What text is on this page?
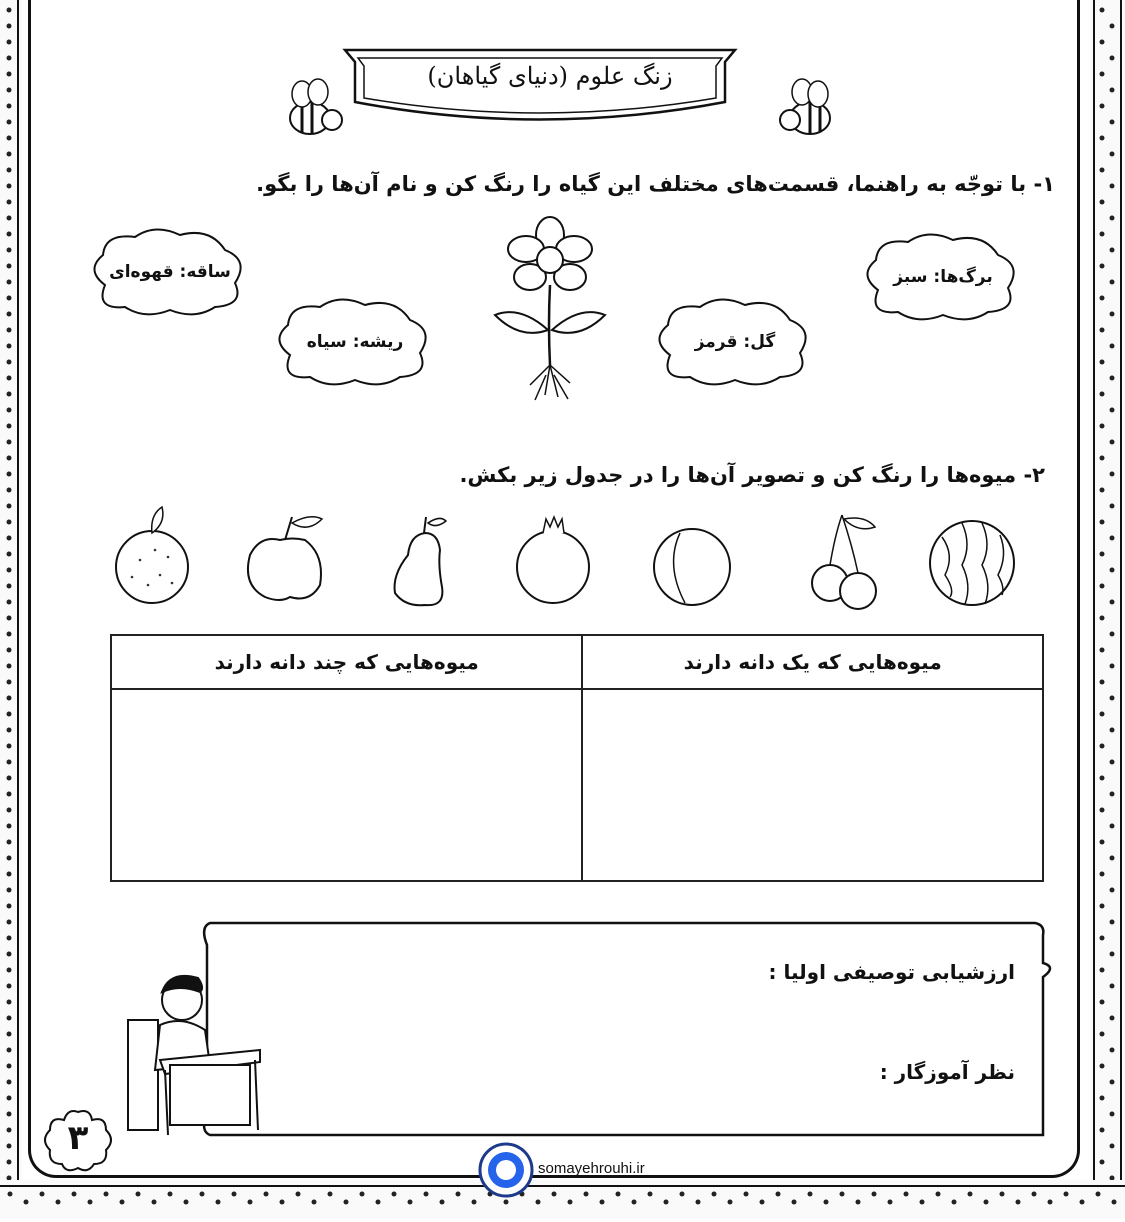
زنگ علوم (دنیای گیاهان)
۱- با توجّه به راهنما، قسمت‌های مختلف این گیاه را رنگ کن و نام آن‌ها را بگو.
ساقه: قهوه‌ای
ریشه: سیاه	گل: قرمز
برگ‌ها: سبز
۲- میوه‌ها را رنگ کن و تصویر آن‌ها را در جدول زیر بکش.
میوه‌هایی که یک دانه دارند	میوه‌هایی که چند دانه دارند

ارزشیابی توصیفی اولیا :
نظر آموزگار :
۳
somayehrouhi.ir
